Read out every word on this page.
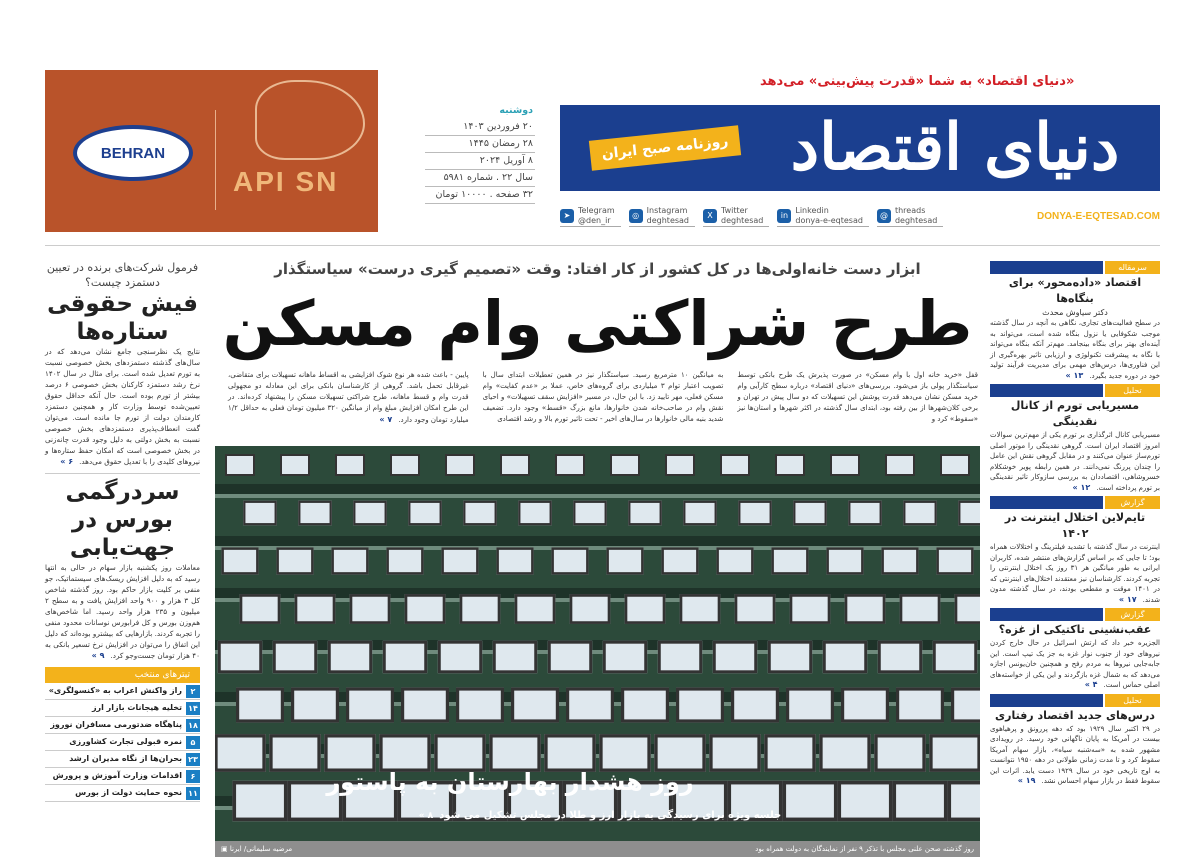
BEHRAN
API SN	دنیای اقتصاد
«دنیای اقتصاد» به شما «قدرت پیش‌بینی» می‌دهد
روزنامه صبح ایران
دوشنبه
۲۰ فروردین ۱۴۰۳
۲۸ رمضان ۱۴۴۵
۸ آوریل ۲۰۲۴
سال ۲۲ . شماره ۵۹۸۱
۳۲ صفحه . ۱۰۰۰۰ تومان
➤
Telegram
@den_ir
◎
Instagram
deghtesad
X
Twitter
deghtesad
in
Linkedin
donya-e-eqtesad
@
threads
deghtesad	DONYA-E-EQTESAD.COM
سرمقاله
اقتصاد «داده‌محور» برای بنگاه‌ها
دکتر سیاوش محدث
در سطح فعالیت‌های تجاری، نگاهی به آنچه در سال گذشته موجب شکوفایی یا نزول بنگاه شده است، می‌تواند به آینده‌ای بهتر برای بنگاه بینجامد. مهم‌تر آنکه بنگاه می‌تواند با نگاه به پیشرفت تکنولوژی و ارزیابی تاثیر بهره‌گیری از این فناوری‌ها، درس‌های مهمی برای مدیریت فرآیند تولید خود در دوره جدید بگیرد.« ۱۳
تحلیل
مسیریابی تورم از کانال نقدینگی
مسیریابی کانال اثرگذاری بر تورم یکی از مهم‌ترین سوالات امروز اقتصاد ایران است. گروهی نقدینگی را موتور اصلی تورم‌ساز عنوان می‌کنند و در مقابل گروهی نقش این عامل را چندان پررنگ نمی‌دانند. در همین رابطه پویر خوشکلام خسروشاهی، اقتصاددان به بررسی سازوکار تاثیر نقدینگی بر تورم پرداخته است.« ۱۲
گزارش
تایم‌لاین اختلال اینترنت در ۱۴۰۲
اینترنت در سال گذشته با تشدید فیلترینگ و اختلالات همراه بود؛ تا جایی که بر اساس گزارش‌های منتشر شده، کاربران ایرانی به طور میانگین هر ۳۱ روز یک اختلال اینترنتی را تجربه کردند. کارشناسان نیز معتقدند اختلال‌های اینترنتی که در ۱۴۰۱ موقت و مقطعی بودند، در سال گذشته مدون شدند.« ۱۷
گزارش
عقب‌نشینی تاکتیکی از غزه؟
الجزیره خبر داد که ارتش اسرائیل در حال خارج کردن نیروهای خود از جنوب نوار غزه به جز یک تیپ است. این جابه‌جایی نیروها به مردم رفح و همچنین خان‌یونس اجازه می‌دهد که به شمال غزه بازگردند و این یکی از خواسته‌های اصلی حماس است.« ۴
تحلیل
درس‌های جدید اقتصاد رفتاری
در ۲۹ اکتبر سال ۱۹۲۹ بود که دهه پررونق و پرهیاهوی بیست در آمریکا به پایان ناگهانی خود رسید. در رویدادی مشهور شده به «سه‌شنبه سیاه»، بازار سهام آمریکا سقوط کرد و تا مدت زمانی طولانی در دهه ۱۹۵۰ نتوانست به اوج تاریخی خود در سال ۱۹۲۹ دست یابد. اثرات این سقوط فقط در بازار سهام احساس نشد.« ۱۹
فرمول شرکت‌های برنده در تعیین دستمزد چیست؟
فیش حقوقی ستاره‌ها
نتایج یک نظرسنجی جامع نشان می‌دهد که در سال‌های گذشته دستمزدهای بخش خصوصی نسبت به تورم تعدیل شده است. برای مثال در سال ۱۴۰۲ نرخ رشد دستمزد کارکنان بخش خصوصی ۶ درصد بیشتر از تورم بوده است. حال آنکه حداقل حقوق تعیین‌شده توسط وزارت کار و همچنین دستمزد کارمندان دولت از تورم جا مانده است. می‌توان گفت انعطاف‌پذیری دستمزدهای بخش خصوصی نسبت به بخش دولتی به دلیل وجود قدرت چانه‌زنی در بخش خصوصی است که امکان حفظ ستاره‌ها و نیروهای کلیدی را با تعدیل حقوق می‌دهد.« ۶
سردرگمی بورس در جهت‌یابی
معاملات روز یکشنبه بازار سهام در حالی به انتها رسید که به دلیل افزایش ریسک‌های سیستماتیک، جو منفی بر کلیت بازار حاکم بود. روز گذشته شاخص کل ۳ هزار و ۹۰۰ واحد افزایش یافت و به سطح ۲ میلیون و ۲۳۵ هزار واحد رسید. اما شاخص‌های هم‌وزن بورس و کل فرابورس نوسانات محدود منفی را تجربه کردند. بازارهایی که بیشترو بوده‌اند که دلیل این اتفاق را می‌توان در افزایش نرخ تسعیر بانکی به ۴۰ هزار تومان جست‌وجو کرد.« ۹
تیترهای منتخب
۲
راز واکنش اعراب به «کنسولگری»
۱۴
تخلیه هیجانات بازار ارز
۱۸
پناهگاه ضدتورمی مسافران نوروز
۵
نمره قبولی تجارت کشاورزی
۲۳
بحران‌ها از نگاه مدیران ارشد
۶
اقدامات وزارت آموزش و پرورش
۱۱
نحوه حمایت دولت از بورس
ابزار دست خانه‌اولی‌ها در کل کشور از کار افتاد: وقت «تصمیم گیری درست» سیاستگذار
طرح شراکتی وام مسکن
قفل «خرید خانه اول با وام مسکن» در صورت پذیرش یک طرح بانکی توسط سیاستگذار پولی باز می‌شود. بررسی‌های «دنیای اقتصاد» درباره سطح کارآیی وام خرید مسکن نشان می‌دهد قدرت پوشش این تسهیلات که دو سال پیش در تهران و برخی کلان‌شهرها از بین رفته بود، ابتدای سال گذشته در اکثر شهرها و استان‌ها نیز «سقوط» کرد و
به میانگین ۱۰ مترمربع رسید. سیاستگذار نیز در همین تعطیلات ابتدای سال با تصویب اعتبار توام ۳ میلیاردی برای گروه‌های خاص، عملا بر «عدم کفایت» وام مسکن فعلی، مهر تایید زد. با این حال، در مسیر «افزایش سقف تسهیلات» و احیای نقش وام در صاحب‌خانه شدن خانوارها، مانع بزرگ «قسط» وجود دارد. تضعیف شدید بنیه مالی خانوارها در سال‌های اخیر - تحت تاثیر تورم بالا و رشد اقتصادی
پایین - باعث شده هر نوع شوک افزایشی به اقساط ماهانه تسهیلات برای متقاضی، غیرقابل تحمل باشد. گروهی از کارشناسان بانکی برای این معادله دو مجهولی قدرت وام و قسط ماهانه، طرح شراکتی تسهیلات مسکن را پیشنهاد کرده‌اند. در این طرح امکان افزایش مبلغ وام از میانگین ۳۲۰ میلیون تومان فعلی به حداقل ۱/۲ میلیارد تومان وجود دارد.« ۷
روز هشدار بهارستان به پاستور
جلسه ویژه برای رسیدگی به بازار ارز و طلا در مجلس تشکیل می شود« ۸
روز گذشته صحن علنی مجلس با تذکر ۹ نفر از نمایندگان به دولت همراه بود
مرضیه سلیمانی/ ایرنا ▣
